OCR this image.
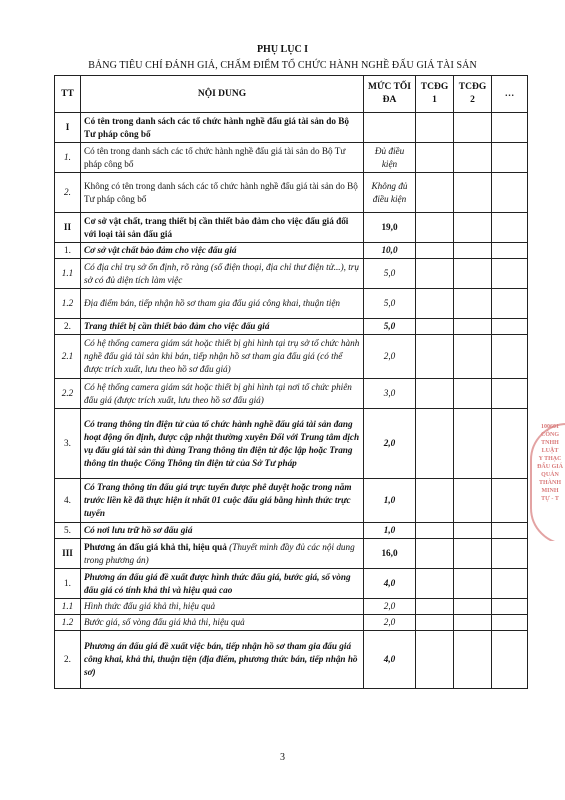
PHỤ LỤC I
BẢNG TIÊU CHÍ ĐÁNH GIÁ, CHẤM ĐIỂM TỔ CHỨC HÀNH NGHỀ ĐẤU GIÁ TÀI SẢN
TT	NỘI DUNG	MỨC TỐI ĐA	TCĐG 1	TCĐG 2	…
I	Có tên trong danh sách các tổ chức hành nghề đấu giá tài sản do Bộ Tư pháp công bố				
1.	Có tên trong danh sách các tổ chức hành nghề đấu giá tài sản do Bộ Tư pháp công bố	Đủ điều kiện			
2.	Không có tên trong danh sách các tổ chức hành nghề đấu giá tài sản do Bộ Tư pháp công bố	Không đủ điều kiện			
II	Cơ sở vật chất, trang thiết bị cần thiết bảo đảm cho việc đấu giá đối với loại tài sản đấu giá	19,0			
1.	Cơ sở vật chất bảo đảm cho việc đấu giá	10,0			
1.1	Có địa chỉ trụ sở ổn định, rõ ràng (số điện thoại, địa chỉ thư điện tử...), trụ sở có đủ diện tích làm việc	5,0			
1.2	Địa điểm bán, tiếp nhận hồ sơ tham gia đấu giá công khai, thuận tiện	5,0			
2.	Trang thiết bị cần thiết bảo đảm cho việc đấu giá	5,0			
2.1	Có hệ thống camera giám sát hoặc thiết bị ghi hình tại trụ sở tổ chức hành nghề đấu giá tài sản khi bán, tiếp nhận hồ sơ tham gia đấu giá (có thể được trích xuất, lưu theo hồ sơ đấu giá)	2,0			
2.2	Có hệ thống camera giám sát hoặc thiết bị ghi hình tại nơi tổ chức phiên đấu giá (được trích xuất, lưu theo hồ sơ đấu giá)	3,0			
3.	Có trang thông tin điện tử của tổ chức hành nghề đấu giá tài sản đang hoạt động ổn định, được cập nhật thường xuyên Đối với Trung tâm dịch vụ đấu giá tài sản thì dùng Trang thông tin điện tử độc lập hoặc Trang thông tin thuộc Cổng Thông tin điện tử của Sở Tư pháp	2,0			
4.	Có Trang thông tin đấu giá trực tuyến được phê duyệt hoặc trong năm trước liền kề đã thực hiện ít nhất 01 cuộc đấu giá bằng hình thức trực tuyến	1,0			
5.	Có nơi lưu trữ hồ sơ đấu giá	1,0			
III	Phương án đấu giá khả thi, hiệu quả (Thuyết minh đầy đủ các nội dung trong phương án)	16,0			
1.	Phương án đấu giá đề xuất được hình thức đấu giá, bước giá, số vòng đấu giá có tính khả thi và hiệu quả cao	4,0			
1.1	Hình thức đấu giá khả thi, hiệu quả	2,0			
1.2	Bước giá, số vòng đấu giá khả thi, hiệu quả	2,0			
2.	Phương án đấu giá đề xuất việc bán, tiếp nhận hồ sơ tham gia đấu giá công khai, khả thi, thuận tiện (địa điểm, phương thức bán, tiếp nhận hồ sơ)	4,0			
100601
CÔNG
TNHH
LUẬT
Y THẠC
ĐẤU GIÁ
QUẢN
THÀNH
MINH
TỰ - T
3
